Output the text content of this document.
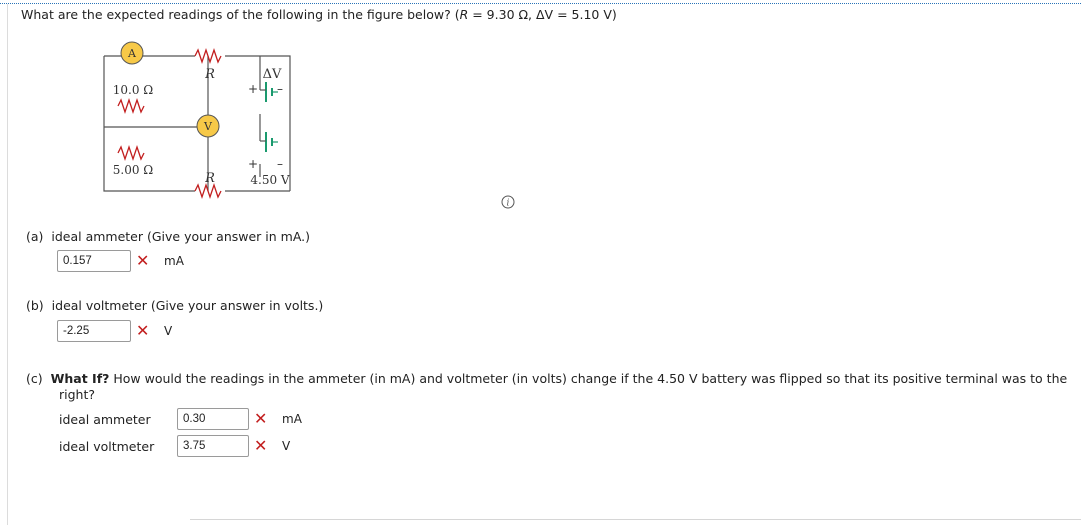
What are the expected readings of the following in the figure below? (R = 9.30 Ω, ΔV = 5.10 V)
A
R
10.0 Ω
5.00 Ω
V
R
ΔV
+ –
+ –
4.50 V
i
(a) ideal ammeter (Give your answer in mA.)
0.157	✕ mA
(b) ideal voltmeter (Give your answer in volts.)
-2.25	✕ V
(c) What If? How would the readings in the ammeter (in mA) and voltmeter (in volts) change if the 4.50 V battery was flipped so that its positive terminal was to the
right?
ideal ammeter	0.30	✕ mA
ideal voltmeter	3.75	✕ V
